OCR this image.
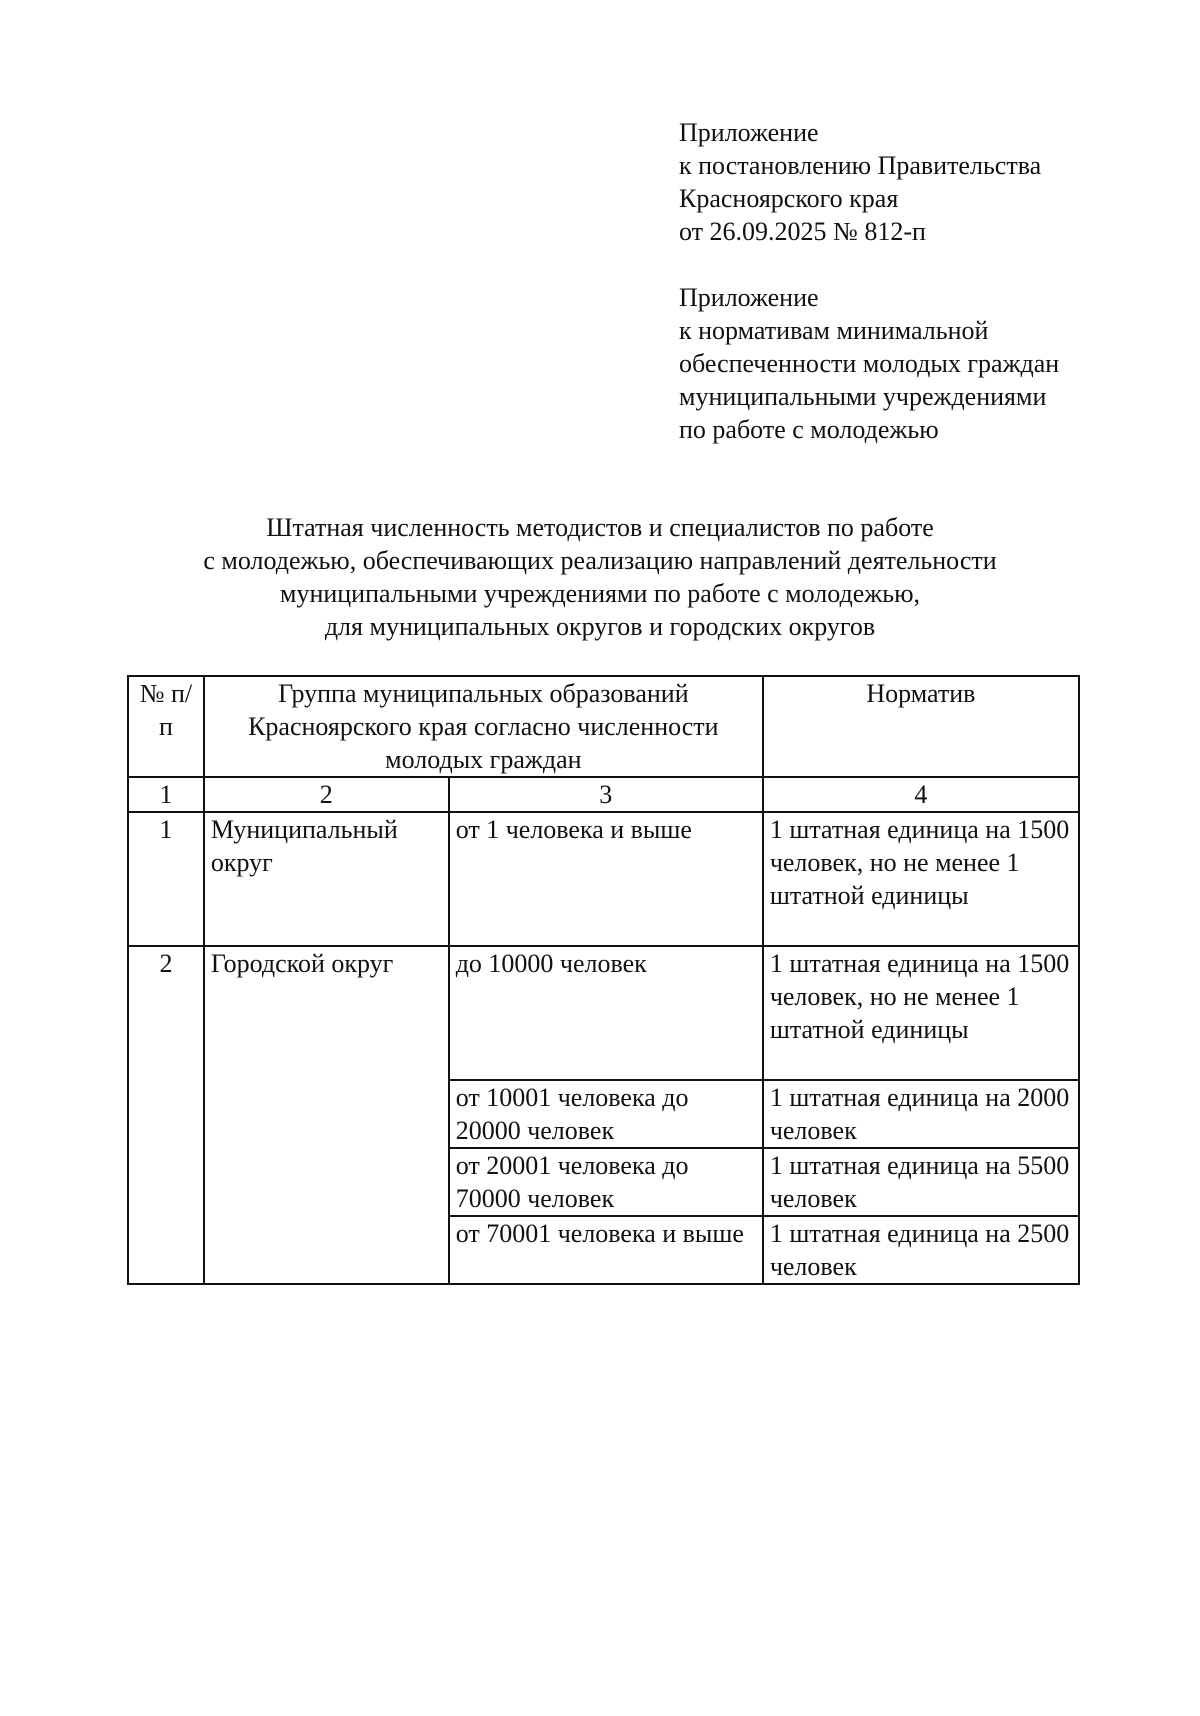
Приложение
к постановлению Правительства
Красноярского края
от 26.09.2025 № 812-п
Приложение
к нормативам минимальной
обеспеченности молодых граждан
муниципальными учреждениями
по работе с молодежью
Штатная численность методистов и специалистов по работе
с молодежью, обеспечивающих реализацию направлений деятельности
муниципальными учреждениями по работе с молодежью,
для муниципальных округов и городских округов
№ п/п	Группа муниципальных образований Красноярского края согласно численности молодых граждан		Норматив
1	2	3	4
1	Муниципальный округ	от 1 человека и выше	1 штатная единица на 1500 человек, но не менее 1 штатной единицы
2	Городской округ	до 10000 человек	1 штатная единица на 1500 человек, но не менее 1 штатной единицы
		от 10001 человека до 20000 человек	1 штатная единица на 2000 человек
		от 20001 человека до 70000 человек	1 штатная единица на 5500 человек
		от 70001 человека и выше	1 штатная единица на 2500 человек
